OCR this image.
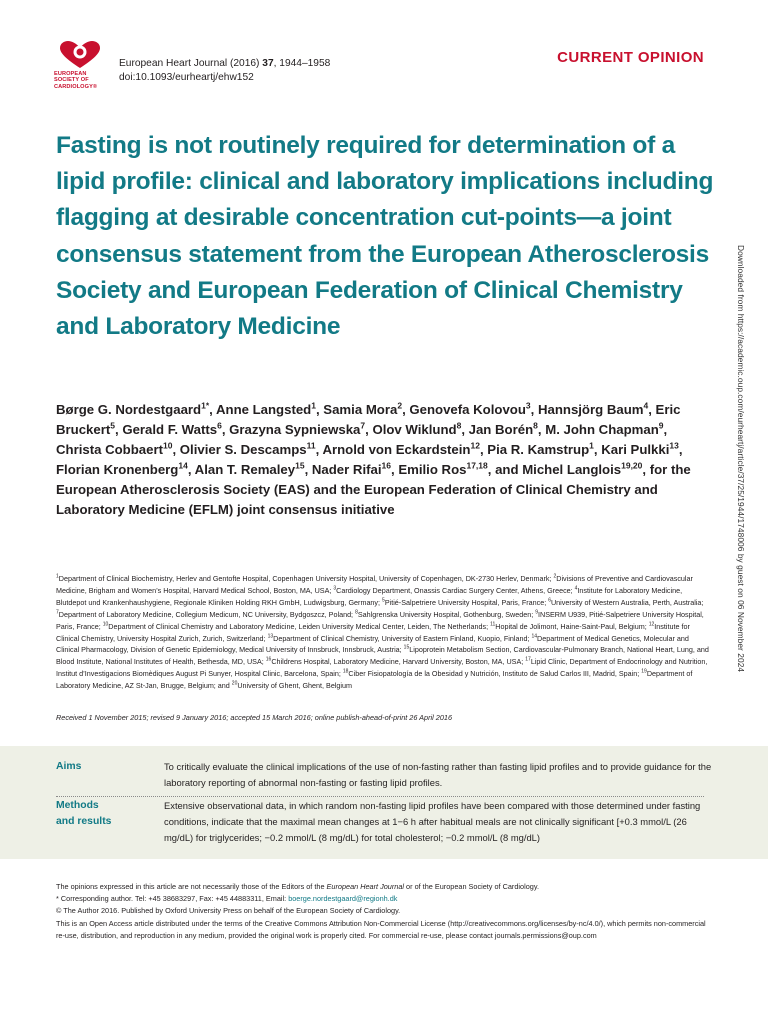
EUROPEAN
SOCIETY OF
CARDIOLOGY®
European Heart Journal (2016) 37, 1944–1958
doi:10.1093/eurheartj/ehw152
CURRENT OPINION
Fasting is not routinely required for determination of a lipid profile: clinical and laboratory implications including flagging at desirable concentration cut-points—a joint consensus statement from the European Atherosclerosis Society and European Federation of Clinical Chemistry and Laboratory Medicine
Børge G. Nordestgaard$^{1*}$, Anne Langsted$^1$, Samia Mora$^2$, Genovefa Kolovou$^3$, Hannsjörg Baum$^4$, Eric Bruckert$^5$, Gerald F. Watts$^6$, Grazyna Sypniewska$^7$, Olov Wiklund$^8$, Jan Borén$^8$, M. John Chapman$^9$, Christa Cobbaert$^{10}$, Olivier S. Descamps$^{11}$, Arnold von Eckardstein$^{12}$, Pia R. Kamstrup$^1$, Kari Pulkki$^{13}$, Florian Kronenberg$^{14}$, Alan T. Remaley$^{15}$, Nader Rifai$^{16}$, Emilio Ros$^{17,18}$, and Michel Langlois$^{19,20}$, for the European Atherosclerosis Society (EAS) and the European Federation of Clinical Chemistry and Laboratory Medicine (EFLM) joint consensus initiative
$^1$Department of Clinical Biochemistry, Herlev and Gentofte Hospital, Copenhagen University Hospital, University of Copenhagen, DK-2730 Herlev, Denmark; $^2$Divisions of Preventive and Cardiovascular Medicine, Brigham and Women’s Hospital, Harvard Medical School, Boston, MA, USA; $^3$Cardiology Department, Onassis Cardiac Surgery Center, Athens, Greece; $^4$Institute for Laboratory Medicine, Blutdepot und Krankenhaushygiene, Regionale Kliniken Holding RKH GmbH, Ludwigsburg, Germany; $^5$Pitié-Salpetriere University Hospital, Paris, France; $^6$University of Western Australia, Perth, Australia; $^7$Department of Laboratory Medicine, Collegium Medicum, NC University, Bydgoszcz, Poland; $^8$Sahlgrenska University Hospital, Gothenburg, Sweden; $^9$INSERM U939, Pitié-Salpetriere University Hospital, Paris, France; $^{10}$Department of Clinical Chemistry and Laboratory Medicine, Leiden University Medical Center, Leiden, The Netherlands; $^{11}$Hopital de Jolimont, Haine-Saint-Paul, Belgium; $^{12}$Institute for Clinical Chemistry, University Hospital Zurich, Zurich, Switzerland; $^{13}$Department of Clinical Chemistry, University of Eastern Finland, Kuopio, Finland; $^{14}$Department of Medical Genetics, Molecular and Clinical Pharmacology, Division of Genetic Epidemiology, Medical University of Innsbruck, Innsbruck, Austria; $^{15}$Lipoprotein Metabolism Section, Cardiovascular-Pulmonary Branch, National Heart, Lung, and Blood Institute, National Institutes of Health, Bethesda, MD, USA; $^{16}$Childrens Hospital, Laboratory Medicine, Harvard University, Boston, MA, USA; $^{17}$Lipid Clinic, Department of Endocrinology and Nutrition, Institut d’Investigacions Biomèdiques August Pi Sunyer, Hospital Clinic, Barcelona, Spain; $^{18}$Ciber Fisiopatología de la Obesidad y Nutrición, Instituto de Salud Carlos III, Madrid, Spain; $^{19}$Department of Laboratory Medicine, AZ St-Jan, Brugge, Belgium; and $^{20}$University of Ghent, Ghent, Belgium
Received 1 November 2015; revised 9 January 2016; accepted 15 March 2016; online publish-ahead-of-print 26 April 2016
Aims	To critically evaluate the clinical implications of the use of non-fasting rather than fasting lipid profiles and to provide guidance for the laboratory reporting of abnormal non-fasting or fasting lipid profiles.
Methods
and results
Extensive observational data, in which random non-fasting lipid profiles have been compared with those determined under fasting conditions, indicate that the maximal mean changes at 1−6 h after habitual meals are not clinically significant [+0.3 mmol/L (26 mg/dL) for triglycerides; −0.2 mmol/L (8 mg/dL) for total cholesterol; −0.2 mmol/L (8 mg/dL)
The opinions expressed in this article are not necessarily those of the Editors of the European Heart Journal or of the European Society of Cardiology.
* Corresponding author. Tel: +45 38683297, Fax: +45 44883311, Email: boerge.nordestgaard@regionh.dk
© The Author 2016. Published by Oxford University Press on behalf of the European Society of Cardiology.
This is an Open Access article distributed under the terms of the Creative Commons Attribution Non-Commercial License (http://creativecommons.org/licenses/by-nc/4.0/), which permits non-commercial re-use, distribution, and reproduction in any medium, provided the original work is properly cited. For commercial re-use, please contact journals.permissions@oup.com
Downloaded from https://academic.oup.com/eurheartj/article/37/25/1944/1748006 by guest on 06 November 2024
